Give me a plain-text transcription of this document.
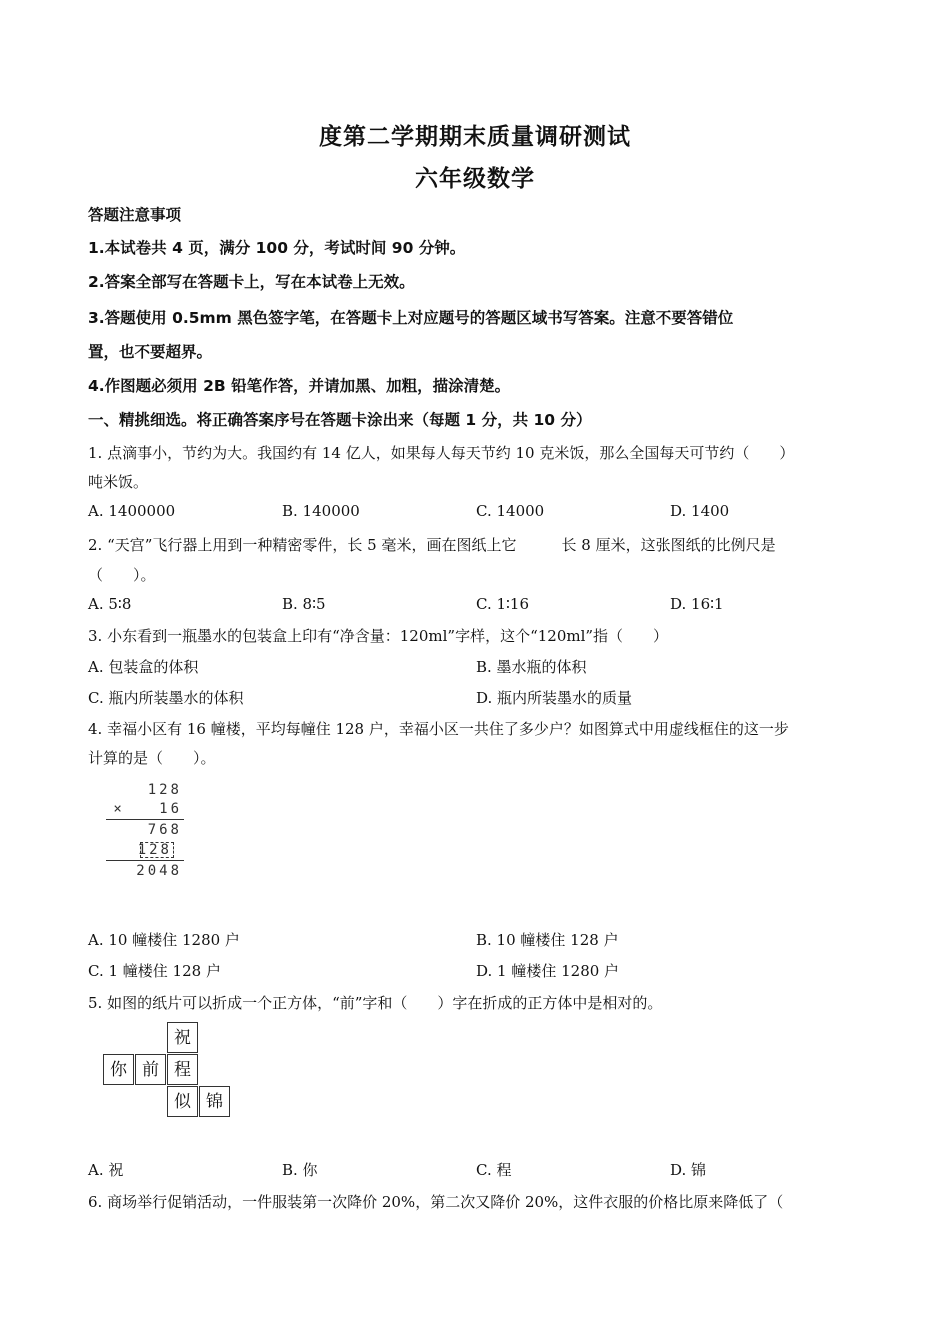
度第二学期期末质量调研测试
六年级数学
答题注意事项
1.本试卷共 4 页，满分 100 分，考试时间 90 分钟。
2.答案全部写在答题卡上，写在本试卷上无效。
3.答题使用 0.5mm 黑色签字笔，在答题卡上对应题号的答题区域书写答案。注意不要答错位
置，也不要超界。
4.作图题必须用 2B 铅笔作答，并请加黑、加粗，描涂清楚。
一、精挑细选。将正确答案序号在答题卡涂出来（每题 1 分，共 10 分）
1. 点滴事小，节约为大。我国约有 14 亿人，如果每人每天节约 10 克米饭，那么全国每天可节约（　　）
吨米饭。
A. 1400000	B. 140000	C. 14000	D. 1400
2. “天宫”飞行器上用到一种精密零件，长 5 毫米，画在图纸上它　　　长 8 厘米，这张图纸的比例尺是
（　　）。
A. 5∶8	B. 8∶5	C. 1∶16	D. 16∶1
3. 小东看到一瓶墨水的包装盒上印有“净含量：120ml”字样，这个“120ml”指（　　）
A. 包装盒的体积	B. 墨水瓶的体积
C. 瓶内所装墨水的体积	D. 瓶内所装墨水的质量
4. 幸福小区有 16 幢楼，平均每幢住 128 户，幸福小区一共住了多少户？如图算式中用虚线框住的这一步
计算的是（　　）。
128
×   16
768
128
2048
A. 10 幢楼住 1280 户	B. 10 幢楼住 128 户
C. 1 幢楼住 128 户	D. 1 幢楼住 1280 户
5. 如图的纸片可以折成一个正方体，“前”字和（　　）字在折成的正方体中是相对的。
祝
你 前 程
似 锦
A. 祝	B. 你	C. 程	D. 锦
6. 商场举行促销活动，一件服装第一次降价 20%，第二次又降价 20%，这件衣服的价格比原来降低了（
